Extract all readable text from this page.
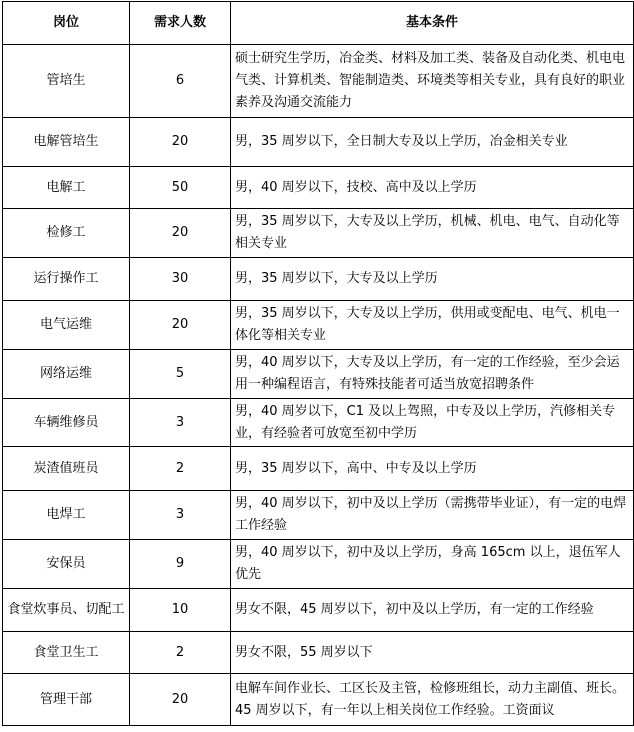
岗位	需求人数	基本条件
管培生	6	硕士研究生学历，冶金类、材料及加工类、装备及自动化类、机电电气类、计算机类、智能制造类、环境类等相关专业，具有良好的职业素养及沟通交流能力
电解管培生	20	男，35 周岁以下，全日制大专及以上学历，冶金相关专业
电解工	50	男，40 周岁以下，技校、高中及以上学历
检修工	20	男，35 周岁以下，大专及以上学历，机械、机电、电气、自动化等相关专业
运行操作工	30	男，35 周岁以下，大专及以上学历
电气运维	20	男，35 周岁以下，大专及以上学历，供用或变配电、电气、机电一体化等相关专业
网络运维	5	男，40 周岁以下，大专及以上学历，有一定的工作经验，至少会运用一种编程语言，有特殊技能者可适当放宽招聘条件
车辆维修员	3	男，40 周岁以下，C1 及以上驾照，中专及以上学历，汽修相关专业，有经验者可放宽至初中学历
炭渣值班员	2	男，35 周岁以下，高中、中专及以上学历
电焊工	3	男，40 周岁以下，初中及以上学历（需携带毕业证），有一定的电焊工作经验
安保员	9	男，40 周岁以下，初中及以上学历，身高 165cm 以上，退伍军人优先
食堂炊事员、切配工	10	男女不限，45 周岁以下，初中及以上学历，有一定的工作经验
食堂卫生工	2	男女不限，55 周岁以下
管理干部	20	电解车间作业长、工区长及主管，检修班组长，动力主副值、班长。45 周岁以下，有一年以上相关岗位工作经验。工资面议
